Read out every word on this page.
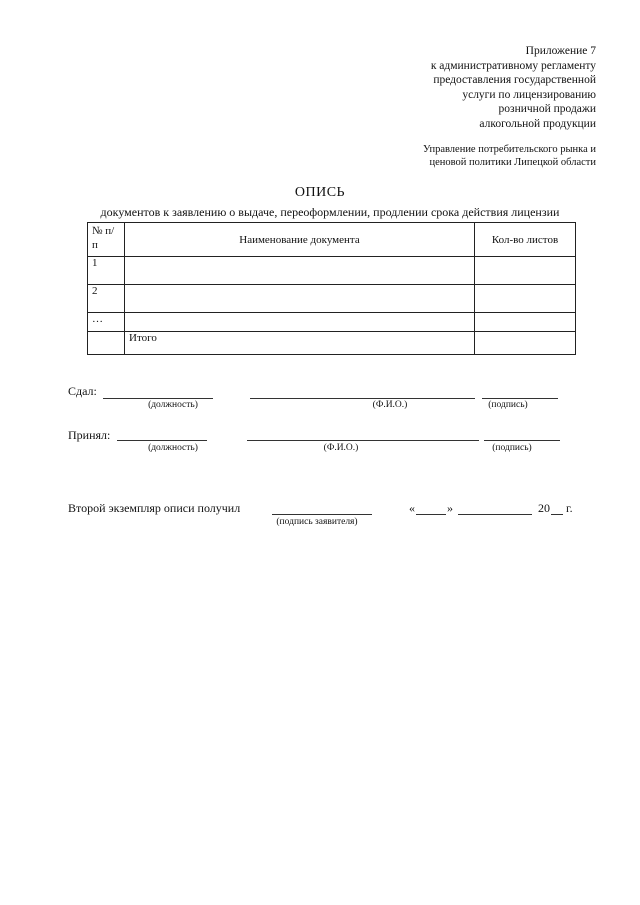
Приложение 7
к административному регламенту
предоставления государственной
услуги по лицензированию
розничной продажи
алкогольной продукции
Управление потребительского рынка и
ценовой политики Липецкой области
ОПИСЬ
документов к заявлению о выдаче, переоформлении, продлении срока действия лицензии
№ п/п	Наименование документа	Кол-во листов
1		
2		
…		
	Итого	
Сдал:
(должность)	(Ф.И.О.)	(подпись)
Принял:
(должность)	(Ф.И.О.)	(подпись)
Второй экземпляр описи получил
(подпись заявителя)
«	»	20 г.
